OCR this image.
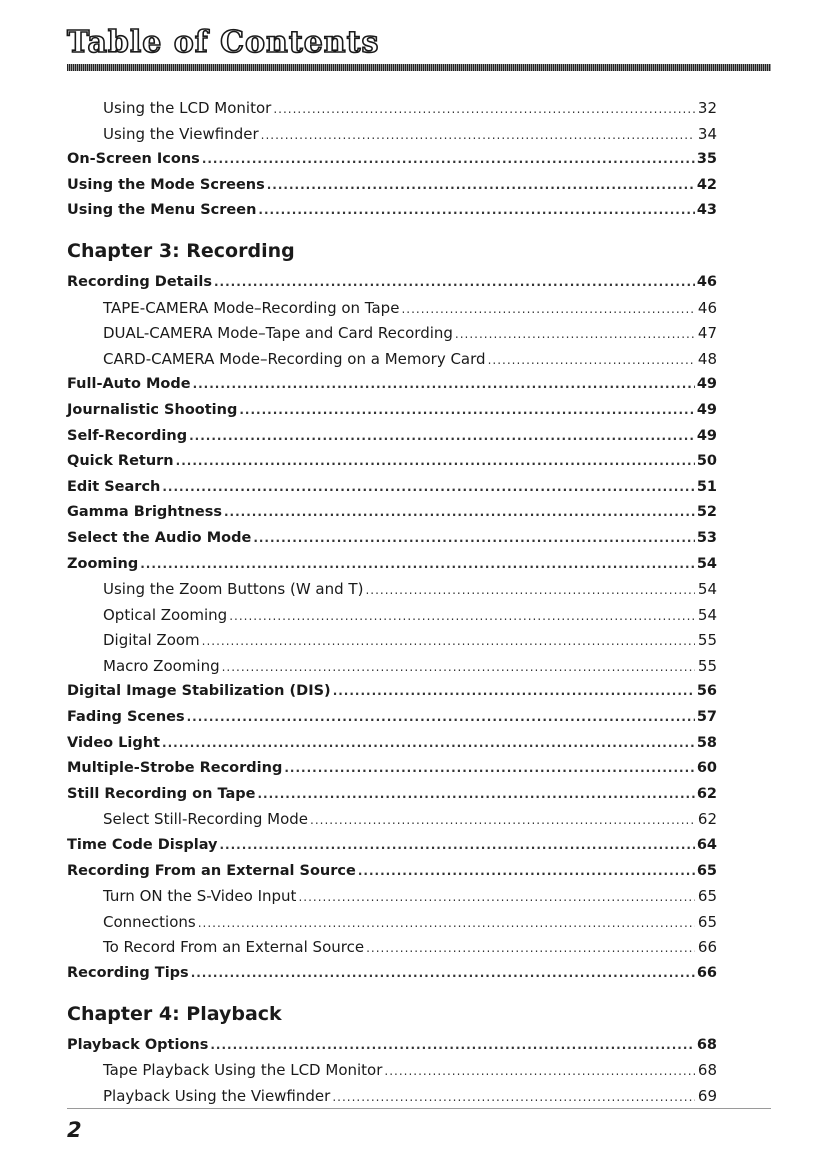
Table of Contents
Using the LCD Monitor .....	32
Using the Viewfinder .....	34
On-Screen Icons .....	35
Using the Mode Screens .....	42
Using the Menu Screen .....	43
Chapter 3: Recording
Recording Details .....	46
TAPE-CAMERA Mode–Recording on Tape .....	46
DUAL-CAMERA Mode–Tape and Card Recording .....	47
CARD-CAMERA Mode–Recording on a Memory Card .....	48
Full-Auto Mode .....	49
Journalistic Shooting .....	49
Self-Recording .....	49
Quick Return .....	50
Edit Search .....	51
Gamma Brightness .....	52
Select the Audio Mode .....	53
Zooming .....	54
Using the Zoom Buttons (W and T) .....	54
Optical Zooming .....	54
Digital Zoom .....	55
Macro Zooming .....	55
Digital Image Stabilization (DIS) .....	56
Fading Scenes .....	57
Video Light .....	58
Multiple-Strobe Recording .....	60
Still Recording on Tape .....	62
Select Still-Recording Mode .....	62
Time Code Display .....	64
Recording From an External Source .....	65
Turn ON the S-Video Input .....	65
Connections .....	65
To Record From an External Source .....	66
Recording Tips .....	66
Chapter 4: Playback
Playback Options .....	68
Tape Playback Using the LCD Monitor .....	68
Playback Using the Viewfinder .....	69
2
